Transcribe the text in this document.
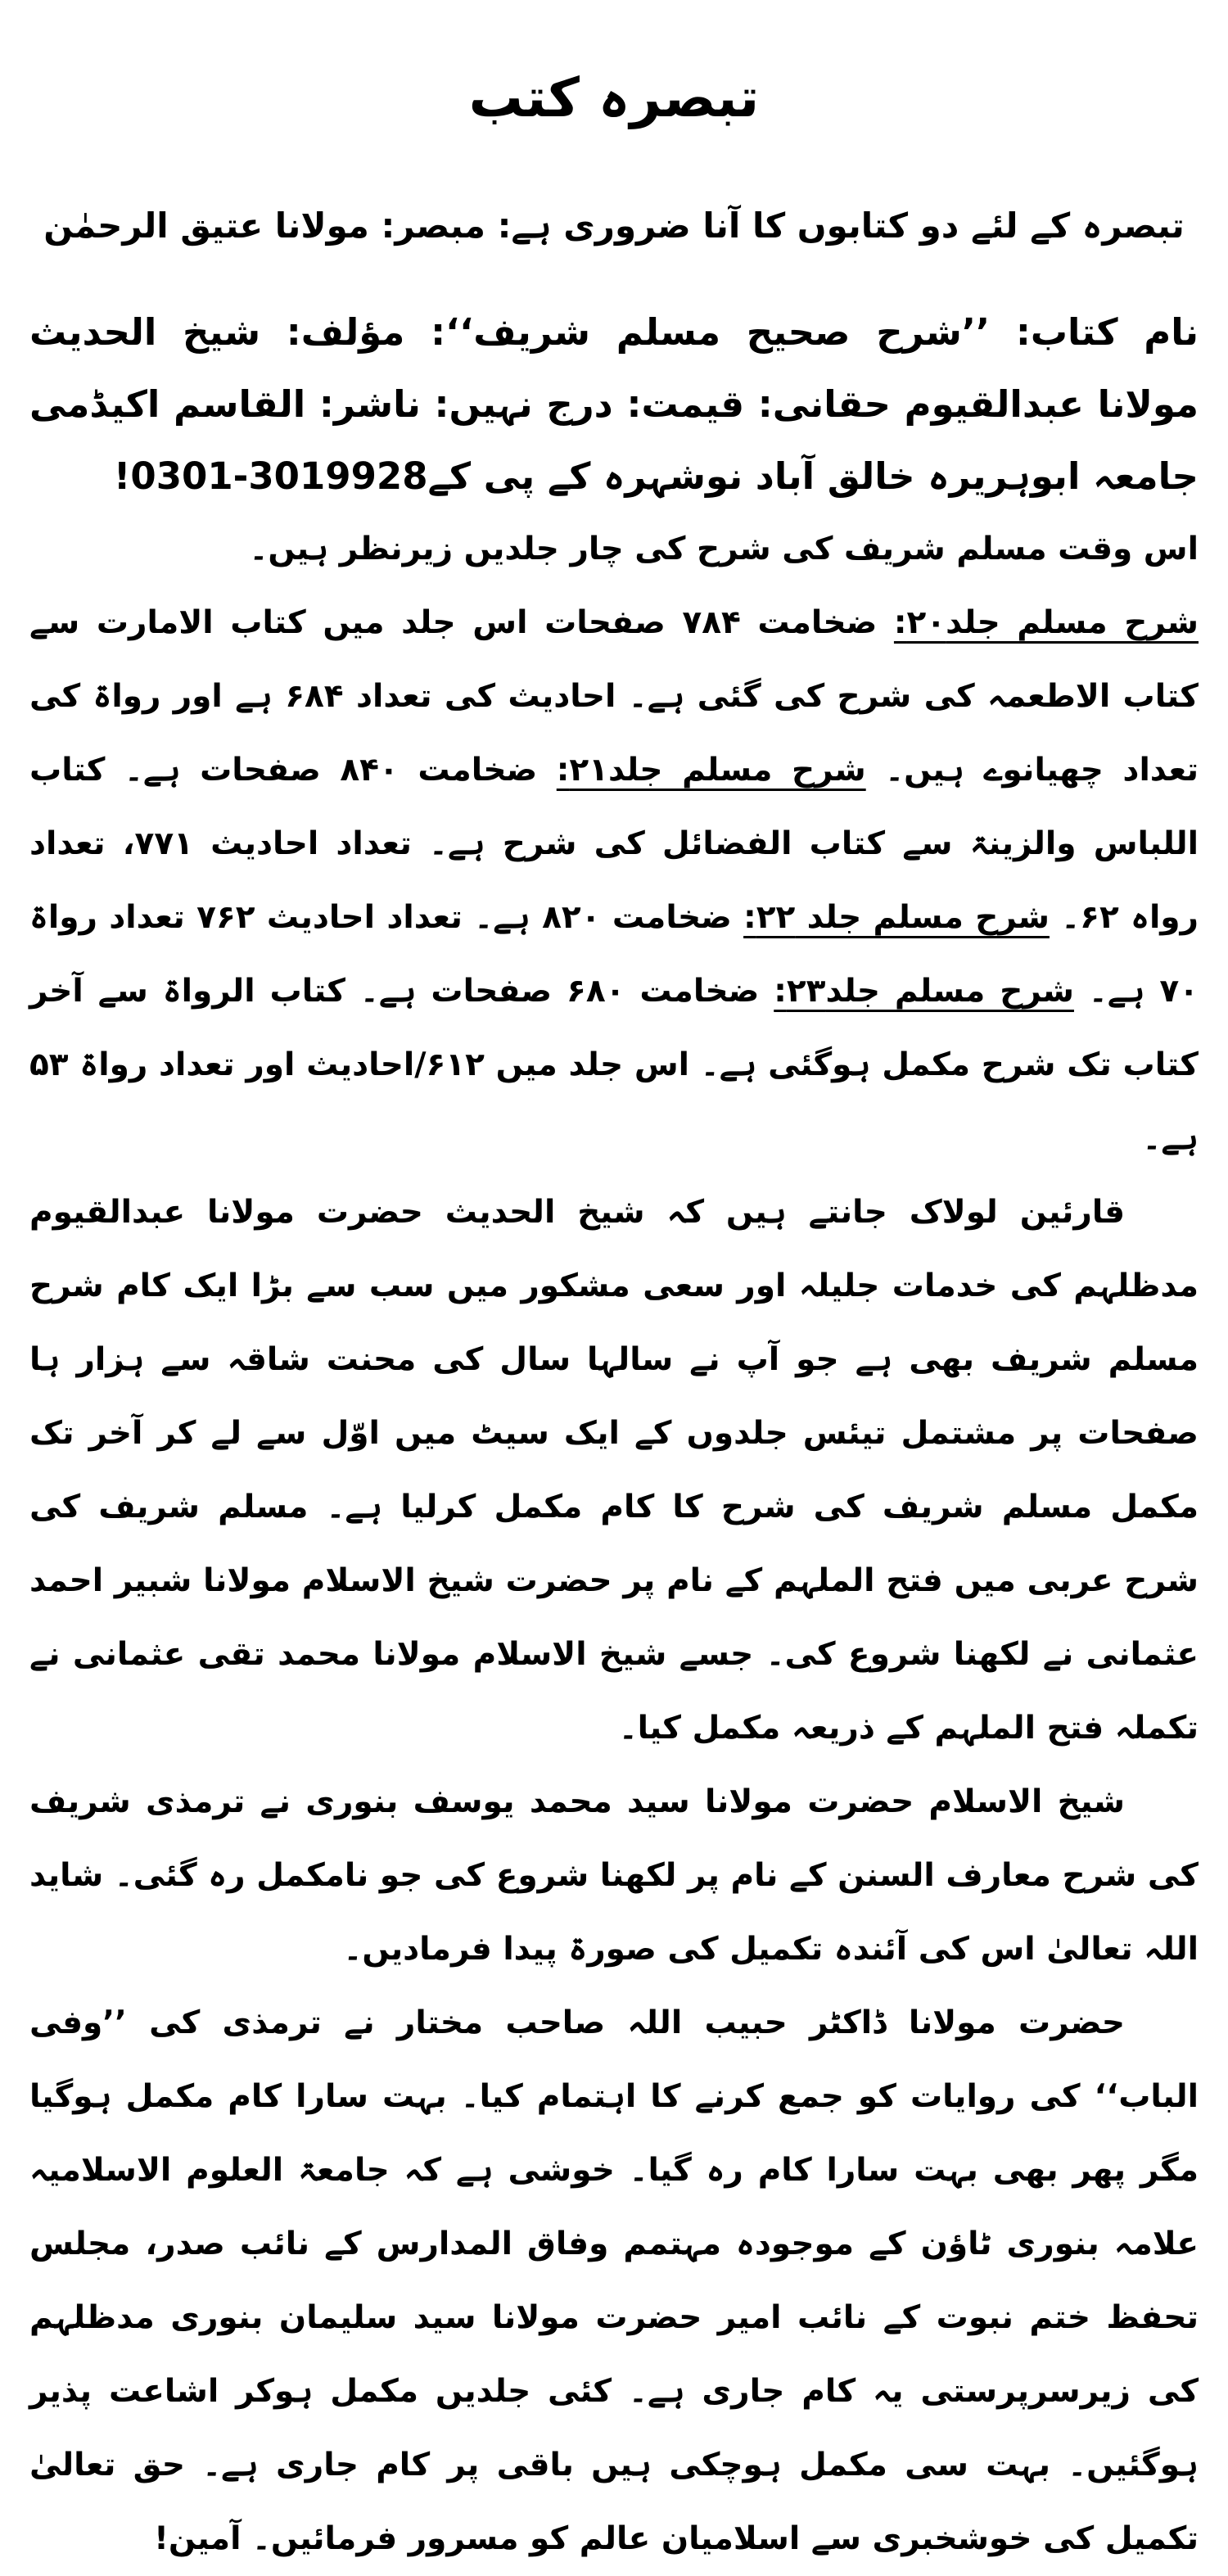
تبصرہ کتب

تبصرہ کے لئے دو کتابوں کا آنا ضروری ہے: مبصر: مولانا عتیق الرحمٰن

نام کتاب: ’’شرح صحیح مسلم شریف‘‘: مؤلف: شیخ الحدیث مولانا عبدالقیوم حقانی: قیمت: درج نہیں: ناشر: القاسم اکیڈمی جامعہ ابوہریرہ خالق آباد نوشہرہ کے پی کے0301-3019928!

اس وقت مسلم شریف کی شرح کی چار جلدیں زیرنظر ہیں۔

شرح مسلم جلد۲۰: ضخامت ۷۸۴ صفحات اس جلد میں کتاب الامارت سے کتاب الاطعمہ کی شرح کی گئی ہے۔ احادیث کی تعداد ۶۸۴ ہے اور رواۃ کی تعداد چھیانوے ہیں۔ شرح مسلم جلد۲۱: ضخامت ۸۴۰ صفحات ہے۔ کتاب اللباس والزینۃ سے کتاب الفضائل کی شرح ہے۔ تعداد احادیث ۷۷۱، تعداد رواہ ۶۲۔ شرح مسلم جلد ۲۲: ضخامت ۸۲۰ ہے۔ تعداد احادیث ۷۶۲ تعداد رواۃ ۷۰ ہے۔ شرح مسلم جلد۲۳: ضخامت ۶۸۰ صفحات ہے۔ کتاب الرواۃ سے آخر کتاب تک شرح مکمل ہوگئی ہے۔ اس جلد میں ۶۱۲/احادیث اور تعداد رواۃ ۵۳ ہے۔

قارئین لولاک جانتے ہیں کہ شیخ الحدیث حضرت مولانا عبدالقیوم مدظلہم کی خدمات جلیلہ اور سعی مشکور میں سب سے بڑا ایک کام شرح مسلم شریف بھی ہے جو آپ نے سالہا سال کی محنت شاقہ سے ہزار ہا صفحات پر مشتمل تیئس جلدوں کے ایک سیٹ میں اوّل سے لے کر آخر تک مکمل مسلم شریف کی شرح کا کام مکمل کرلیا ہے۔ مسلم شریف کی شرح عربی میں فتح الملہم کے نام پر حضرت شیخ الاسلام مولانا شبیر احمد عثمانی نے لکھنا شروع کی۔ جسے شیخ الاسلام مولانا محمد تقی عثمانی نے تکملہ فتح الملہم کے ذریعہ مکمل کیا۔

شیخ الاسلام حضرت مولانا سید محمد یوسف بنوری نے ترمذی شریف کی شرح معارف السنن کے نام پر لکھنا شروع کی جو نامکمل رہ گئی۔ شاید اللہ تعالیٰ اس کی آئندہ تکمیل کی صورۃ پیدا فرمادیں۔

حضرت مولانا ڈاکٹر حبیب اللہ صاحب مختار نے ترمذی کی ’’وفی الباب‘‘ کی روایات کو جمع کرنے کا اہتمام کیا۔ بہت سارا کام مکمل ہوگیا مگر پھر بھی بہت سارا کام رہ گیا۔ خوشی ہے کہ جامعۃ العلوم الاسلامیہ علامہ بنوری ٹاؤن کے موجودہ مہتمم وفاق المدارس کے نائب صدر، مجلس تحفظ ختم نبوت کے نائب امیر حضرت مولانا سید سلیمان بنوری مدظلہم کی زیرسرپرستی یہ کام جاری ہے۔ کئی جلدیں مکمل ہوکر اشاعت پذیر ہوگئیں۔ بہت سی مکمل ہوچکی ہیں باقی پر کام جاری ہے۔ حق تعالیٰ تکمیل کی خوشخبری سے اسلامیان عالم کو مسرور فرمائیں۔ آمین!
